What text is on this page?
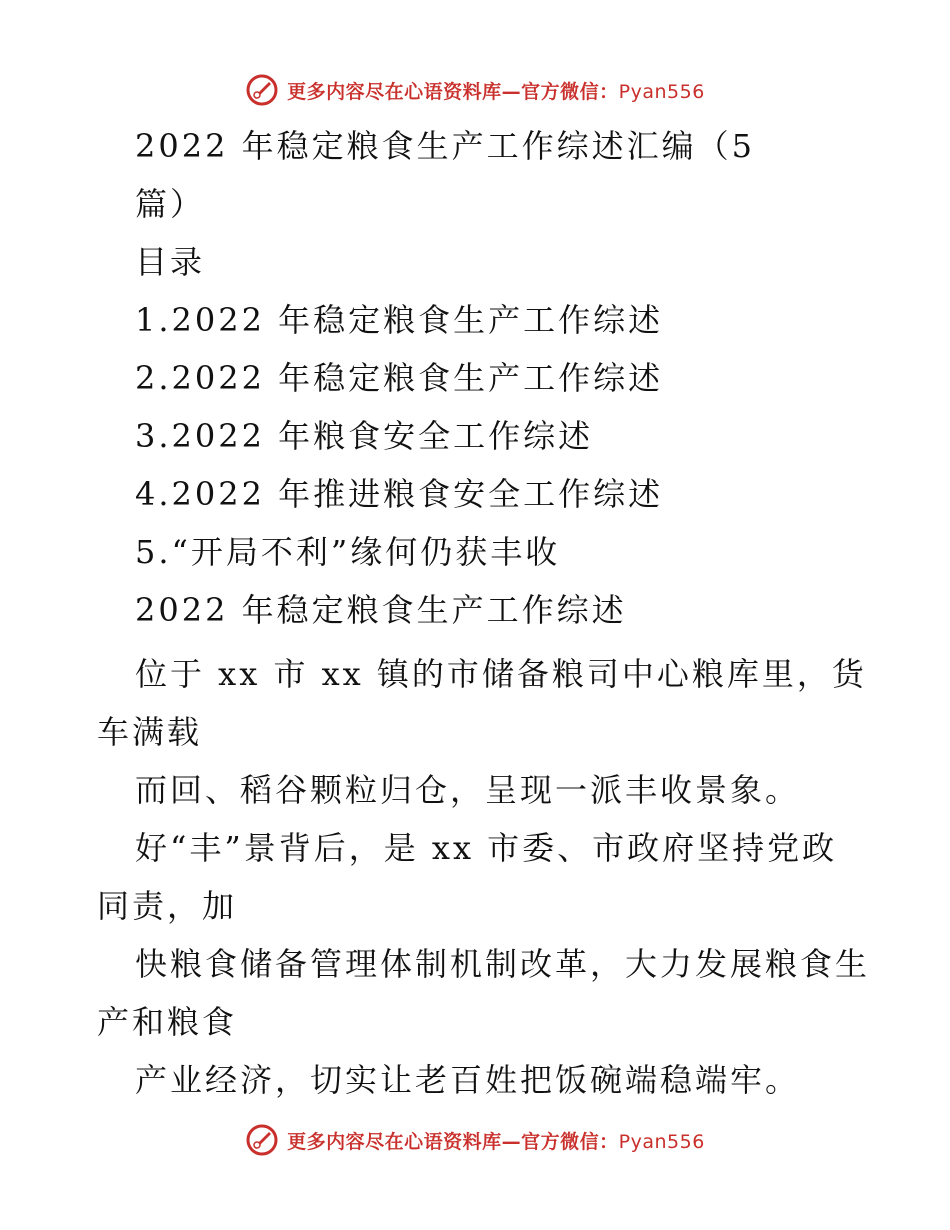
更多内容尽在心语资料库—官方微信：Pyan556
2022 年稳定粮食生产工作综述汇编（5
篇）
目录
1.2022 年稳定粮食生产工作综述
2.2022 年稳定粮食生产工作综述
3.2022 年粮食安全工作综述
4.2022 年推进粮食安全工作综述
5.“开局不利”缘何仍获丰收
2022 年稳定粮食生产工作综述
位于 xx 市 xx 镇的市储备粮司中心粮库里，货
车满载
而回、稻谷颗粒归仓，呈现一派丰收景象。
好“丰”景背后，是 xx 市委、市政府坚持党政
同责，加
快粮食储备管理体制机制改革，大力发展粮食生
产和粮食
产业经济，切实让老百姓把饭碗端稳端牢。
更多内容尽在心语资料库—官方微信：Pyan556
